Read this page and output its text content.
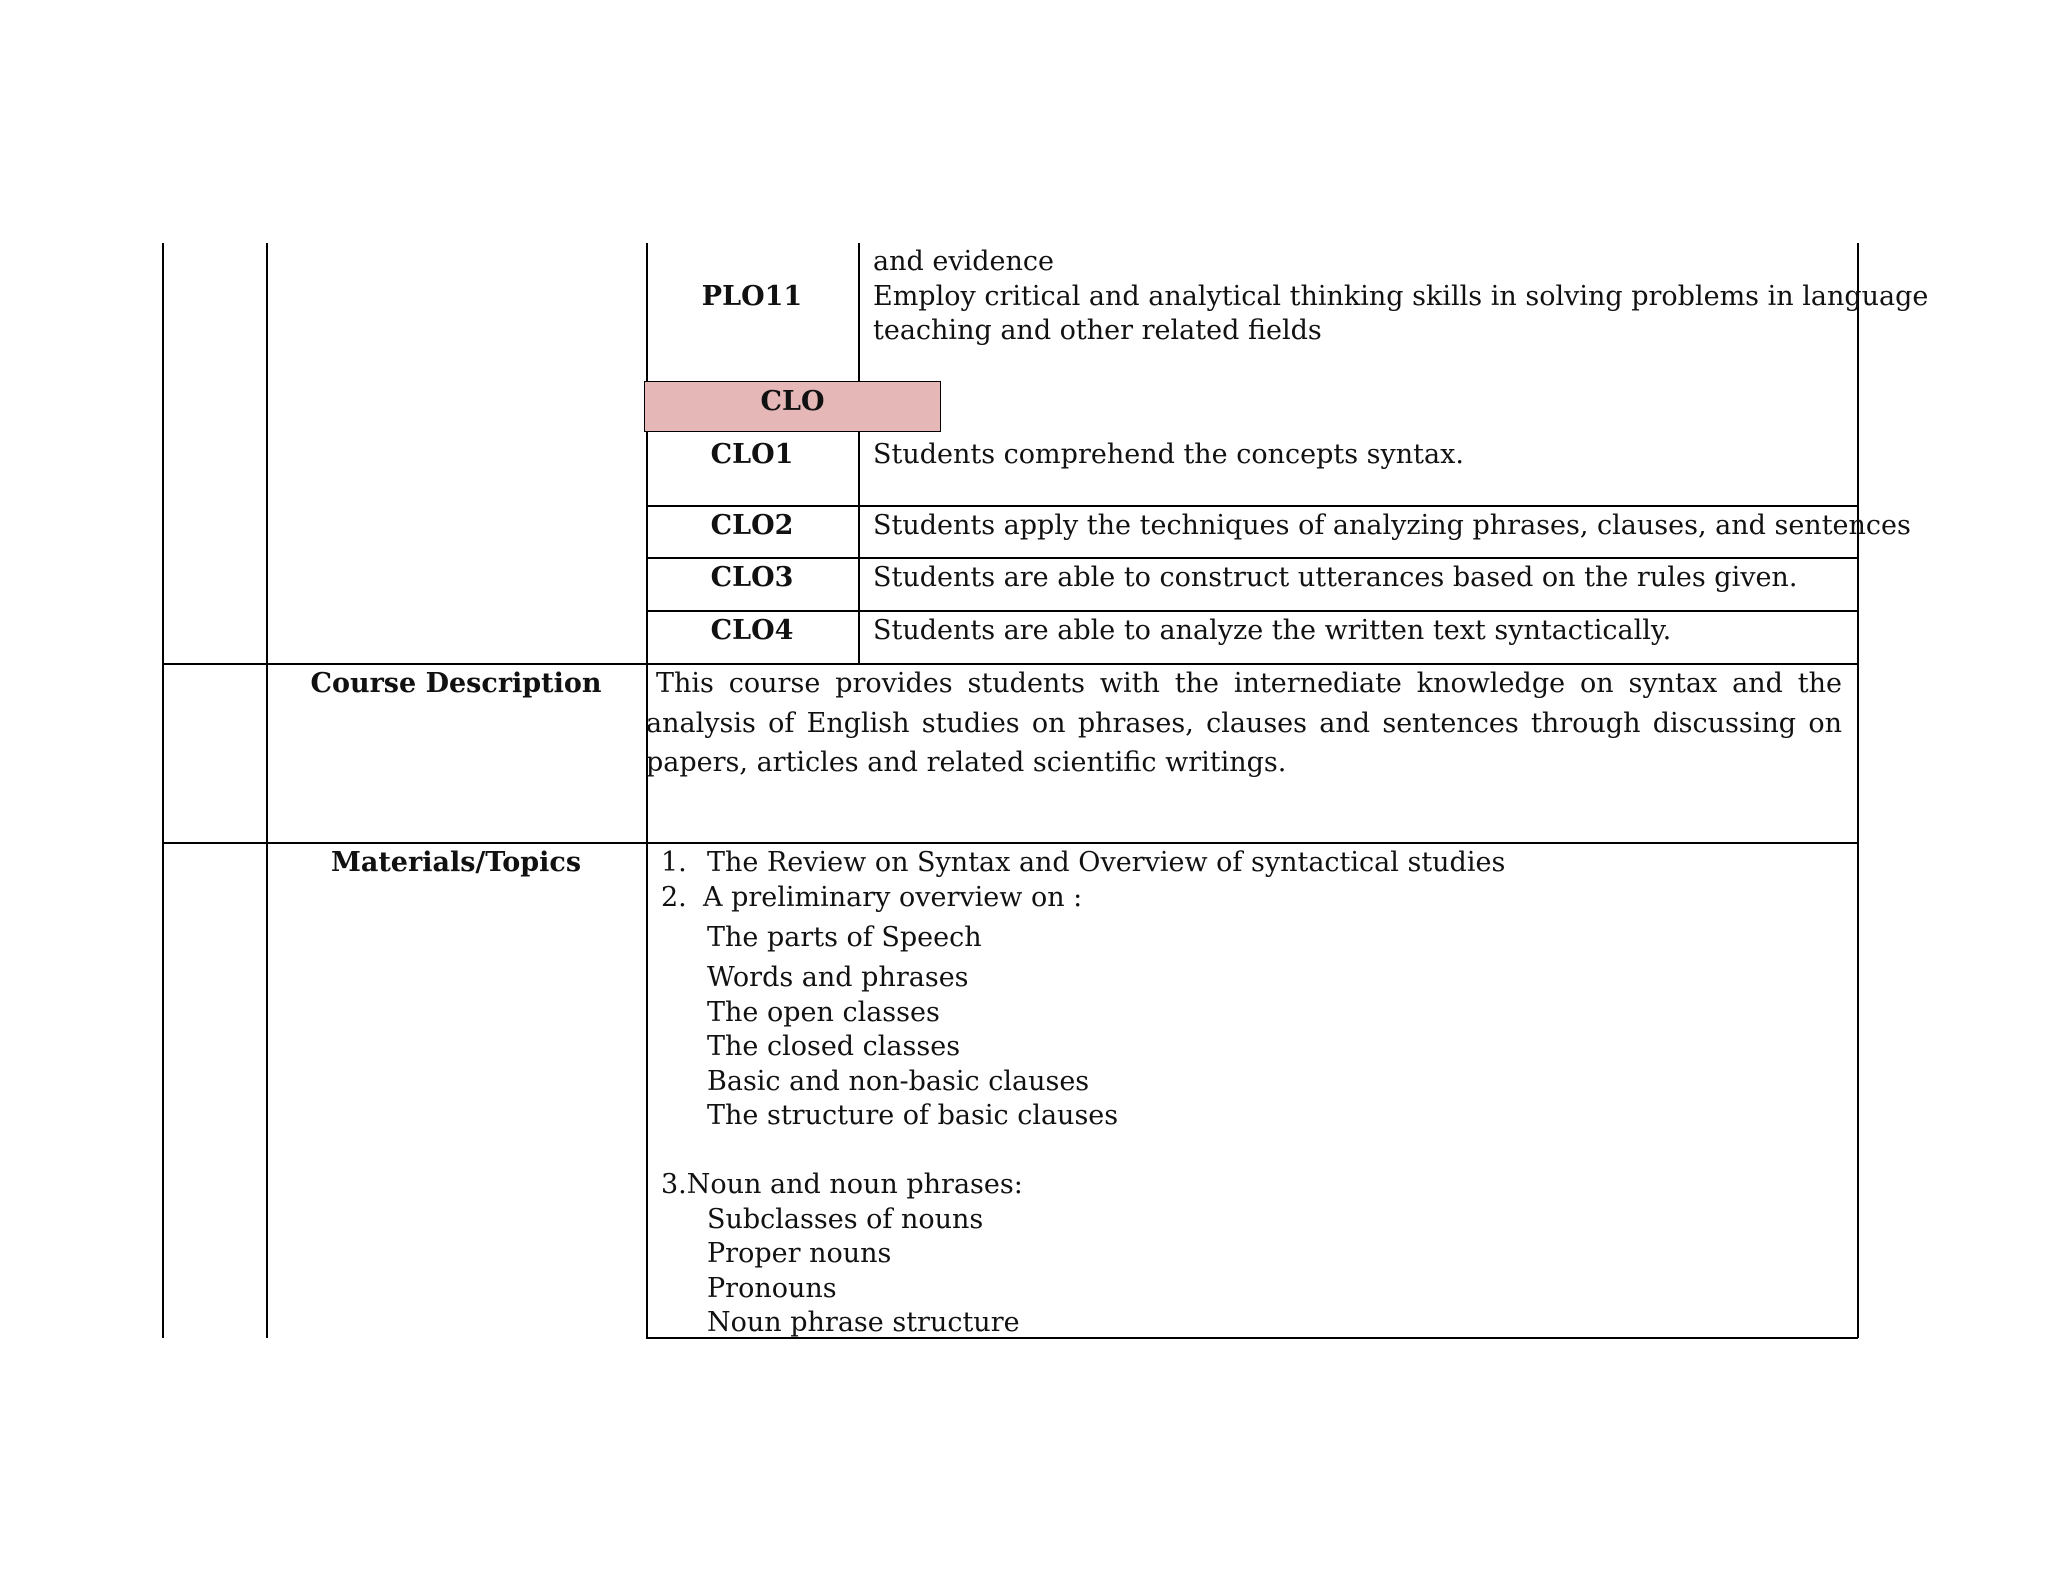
and evidence
PLO11	Employ critical and analytical thinking skills in solving problems in language
teaching and other related fields
CLO
CLO1	Students comprehend the concepts syntax.
CLO2	Students apply the techniques of analyzing phrases, clauses, and sentences
CLO3	Students are able to construct utterances based on the rules given.
CLO4	Students are able to analyze the written text syntactically.
Course Description	This course provides students with the internediate knowledge on syntax and the analysis of English studies on phrases, clauses and sentences through discussing on papers, articles and related scientific writings.
Materials/Topics	1. The Review on Syntax and Overview of syntactical studies
2. A preliminary overview on :
The parts of Speech
Words and phrases
The open classes
The closed classes
Basic and non-basic clauses
The structure of basic clauses
3.Noun and noun phrases:
Subclasses of nouns
Proper nouns
Pronouns
Noun phrase structure
